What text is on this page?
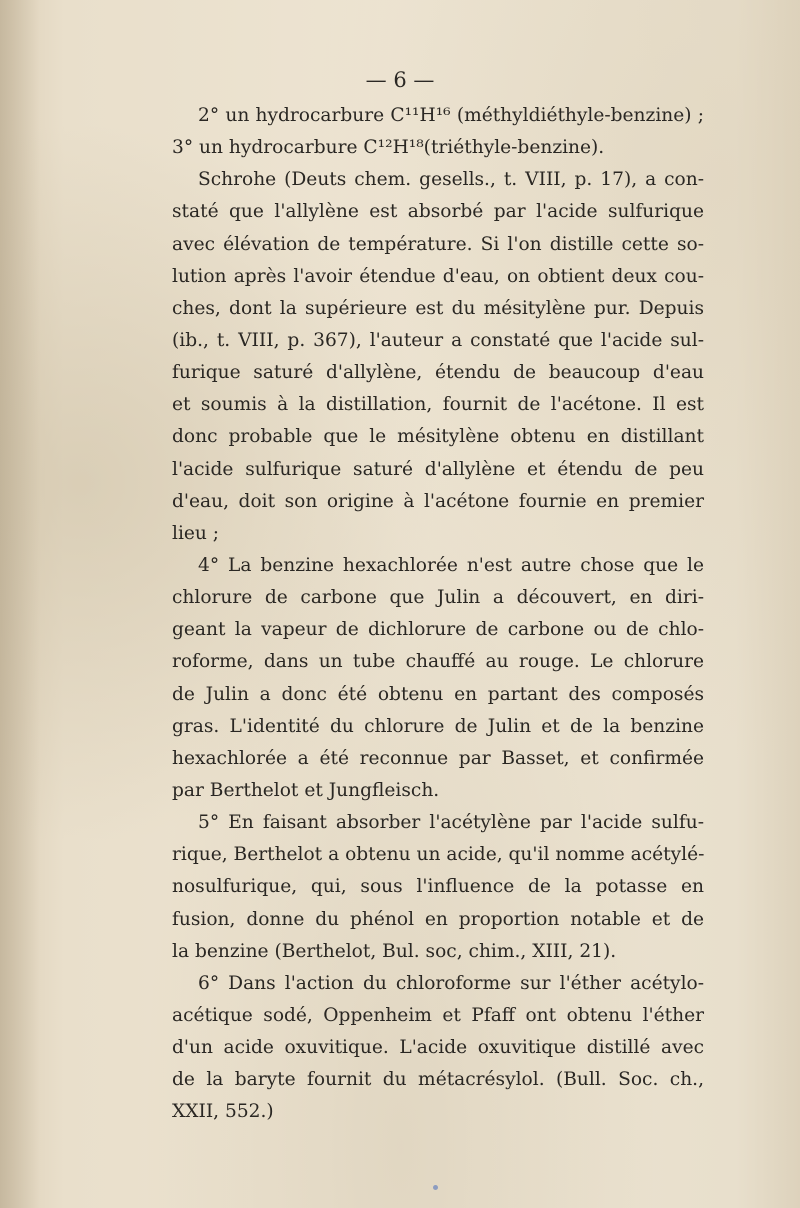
— 6 —
2° un hydrocarbure C¹¹H¹⁶ (méthyldiéthyle-benzine) ;
3° un hydrocarbure C¹²H¹⁸(triéthyle-benzine).
Schrohe (Deuts chem. gesells., t. VIII, p. 17), a con-
staté que l'allylène est absorbé par l'acide sulfurique
avec élévation de température. Si l'on distille cette so-
lution après l'avoir étendue d'eau, on obtient deux cou-
ches, dont la supérieure est du mésitylène pur. Depuis
(ib., t. VIII, p. 367), l'auteur a constaté que l'acide sul-
furique saturé d'allylène, étendu de beaucoup d'eau
et soumis à la distillation, fournit de l'acétone. Il est
donc probable que le mésitylène obtenu en distillant
l'acide sulfurique saturé d'allylène et étendu de peu
d'eau, doit son origine à l'acétone fournie en premier
lieu ;
4° La benzine hexachlorée n'est autre chose que le
chlorure de carbone que Julin a découvert, en diri-
geant la vapeur de dichlorure de carbone ou de chlo-
roforme, dans un tube chauffé au rouge. Le chlorure
de Julin a donc été obtenu en partant des composés
gras. L'identité du chlorure de Julin et de la benzine
hexachlorée a été reconnue par Basset, et confirmée
par Berthelot et Jungfleisch.
5° En faisant absorber l'acétylène par l'acide sulfu-
rique, Berthelot a obtenu un acide, qu'il nomme acétylé-
nosulfurique, qui, sous l'influence de la potasse en
fusion, donne du phénol en proportion notable et de
la benzine (Berthelot, Bul. soc, chim., XIII, 21).
6° Dans l'action du chloroforme sur l'éther acétylo-
acétique sodé, Oppenheim et Pfaff ont obtenu l'éther
d'un acide oxuvitique. L'acide oxuvitique distillé avec
de la baryte fournit du métacrésylol. (Bull. Soc. ch.,
XXII, 552.)
